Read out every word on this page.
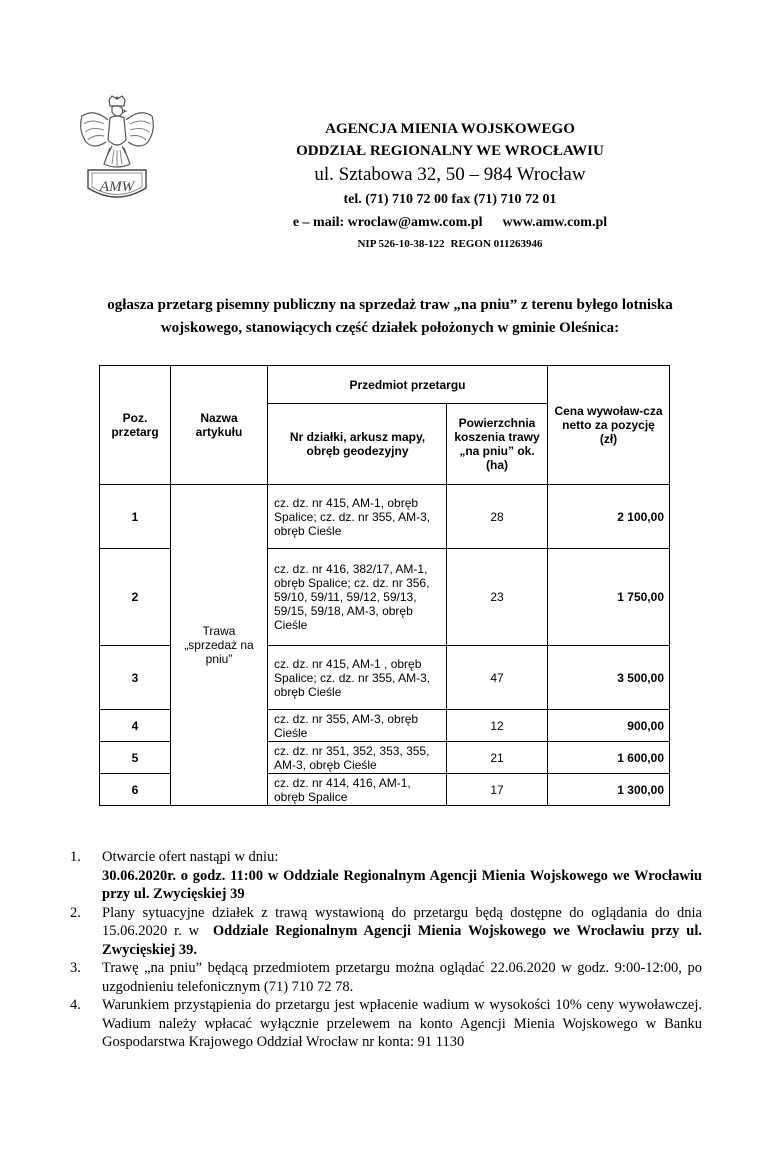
AMW
AGENCJA MIENIA WOJSKOWEGO
ODDZIAŁ REGIONALNY WE WROCŁAWIU
ul. Sztabowa 32, 50 – 984 Wrocław
tel. (71) 710 72 00 fax (71) 710 72 01
e – mail: wroclaw@amw.com.pl www.amw.com.pl
NIP 526-10-38-122 REGON 011263946
ogłasza przetarg pisemny publiczny na sprzedaż traw „na pniu” z terenu byłego lotniska wojskowego, stanowiących część działek położonych w gminie Oleśnica:
Poz. przetarg	Nazwa artykułu	Przedmiot przetargu		Cena wywoław-cza netto za pozycję (zł)
		Nr działki, arkusz mapy, obręb geodezyjny	Powierzchnia koszenia trawy „na pniu” ok. (ha)	
1	Trawa „sprzedaż na pniu”	cz. dz. nr 415, AM-1, obręb Spalice; cz. dz. nr 355, AM-3, obręb Cieśle	28	2 100,00
2		cz. dz. nr 416, 382/17, AM-1, obręb Spalice; cz. dz. nr 356, 59/10, 59/11, 59/12, 59/13, 59/15, 59/18, AM-3, obręb Cieśle	23	1 750,00
3		cz. dz. nr 415, AM-1 , obręb Spalice; cz. dz. nr 355, AM-3, obręb Cieśle	47	3 500,00
4		cz. dz. nr 355, AM-3, obręb Cieśle	12	900,00
5		cz. dz. nr 351, 352, 353, 355, AM-3, obręb Cieśle	21	1 600,00
6		cz. dz. nr 414, 416, AM-1, obręb Spalice	17	1 300,00
1.	Otwarcie ofert nastąpi w dniu:
30.06.2020r. o godz. 11:00 w Oddziale Regionalnym Agencji Mienia Wojskowego we Wrocławiu przy ul. Zwycięskiej 39
2.	Plany sytuacyjne działek z trawą wystawioną do przetargu będą dostępne do oglądania do dnia 15.06.2020 r. w Oddziale Regionalnym Agencji Mienia Wojskowego we Wrocławiu przy ul. Zwycięskiej 39.
3.	Trawę „na pniu” będącą przedmiotem przetargu można oglądać 22.06.2020 w godz. 9:00-12:00, po uzgodnieniu telefonicznym (71) 710 72 78.
4.	Warunkiem przystąpienia do przetargu jest wpłacenie wadium w wysokości 10% ceny wywoławczej. Wadium należy wpłacać wyłącznie przelewem na konto Agencji Mienia Wojskowego w Banku Gospodarstwa Krajowego Oddział Wrocław nr konta: 91 1130
